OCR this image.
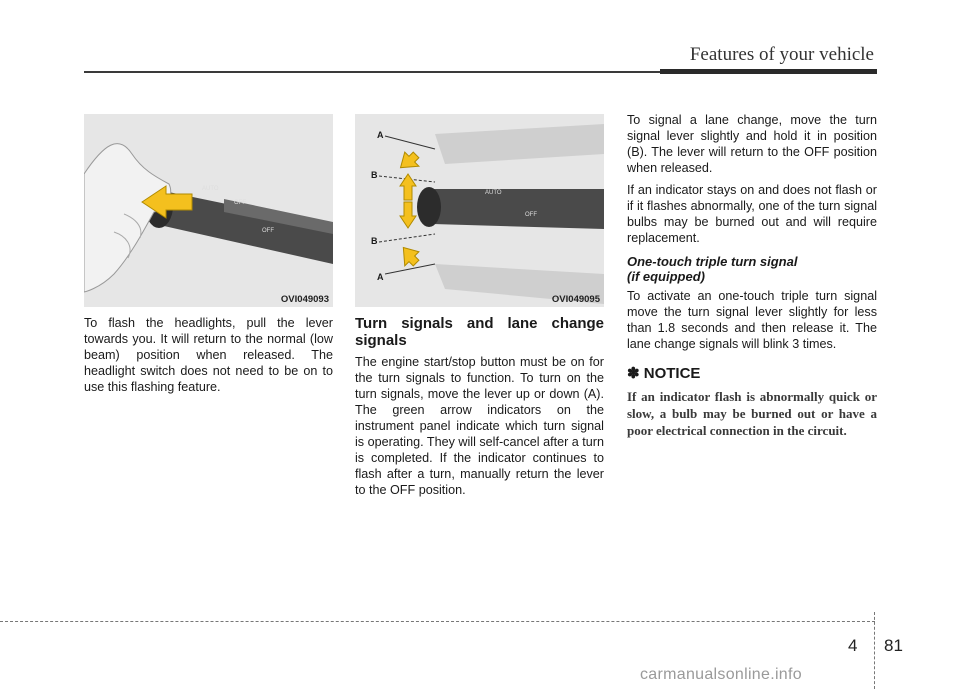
Features of your vehicle
AUTO
OFF
OFF
OVI049093
AUTO
OFF
A
B
B
A
OVI049095

To flash the headlights, pull the lever towards you. It will return to the normal (low beam) position when released. The headlight switch does not need to be on to use this flashing feature.

Turn signals and lane change signals

The engine start/stop button must be on for the turn signals to function. To turn on the turn signals, move the lever up or down (A). The green arrow indicators on the instrument panel indicate which turn signal is operating. They will self-cancel after a turn is completed. If the indicator continues to flash after a turn, manually return the lever to the OFF position.

To signal a lane change, move the turn signal lever slightly and hold it in position (B). The lever will return to the OFF position when released.

If an indicator stays on and does not flash or if it flashes abnormally, one of the turn signal bulbs may be burned out and will require replacement.

One-touch triple turn signal
(if equipped)

To activate an one-touch triple turn signal move the turn signal lever slightly for less than 1.8 seconds and then release it. The lane change signals will blink 3 times.

✽ NOTICE
If an indicator flash is abnormally quick or slow, a bulb may be burned out or have a poor electrical connection in the circuit.
4 81
carmanualsonline.info
